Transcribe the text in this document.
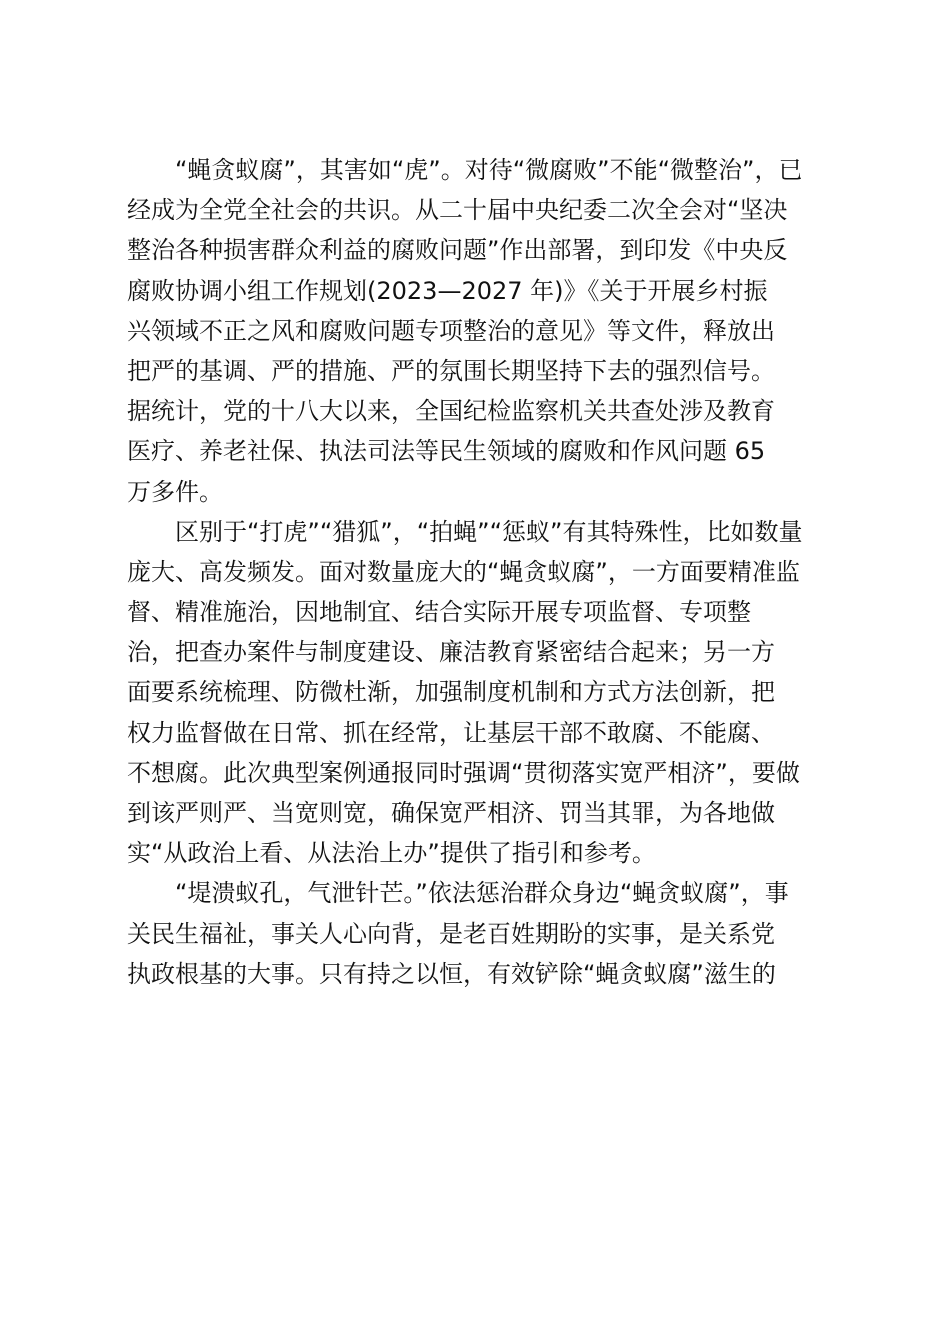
“蝇贪蚁腐”，其害如“虎”。对待“微腐败”不能“微整治”，已
经成为全党全社会的共识。从二十届中央纪委二次全会对“坚决
整治各种损害群众利益的腐败问题”作出部署，到印发《中央反
腐败协调小组工作规划(2023—2027 年)》《关于开展乡村振
兴领域不正之风和腐败问题专项整治的意见》等文件，释放出
把严的基调、严的措施、严的氛围长期坚持下去的强烈信号。
据统计，党的十八大以来，全国纪检监察机关共查处涉及教育
医疗、养老社保、执法司法等民生领域的腐败和作风问题 65
万多件。
区别于“打虎”“猎狐”，“拍蝇”“惩蚁”有其特殊性，比如数量
庞大、高发频发。面对数量庞大的“蝇贪蚁腐”，一方面要精准监
督、精准施治，因地制宜、结合实际开展专项监督、专项整
治，把查办案件与制度建设、廉洁教育紧密结合起来；另一方
面要系统梳理、防微杜渐，加强制度机制和方式方法创新，把
权力监督做在日常、抓在经常，让基层干部不敢腐、不能腐、
不想腐。此次典型案例通报同时强调“贯彻落实宽严相济”，要做
到该严则严、当宽则宽，确保宽严相济、罚当其罪，为各地做
实“从政治上看、从法治上办”提供了指引和参考。
“堤溃蚁孔，气泄针芒。”依法惩治群众身边“蝇贪蚁腐”，事
关民生福祉，事关人心向背，是老百姓期盼的实事，是关系党
执政根基的大事。只有持之以恒，有效铲除“蝇贪蚁腐”滋生的
